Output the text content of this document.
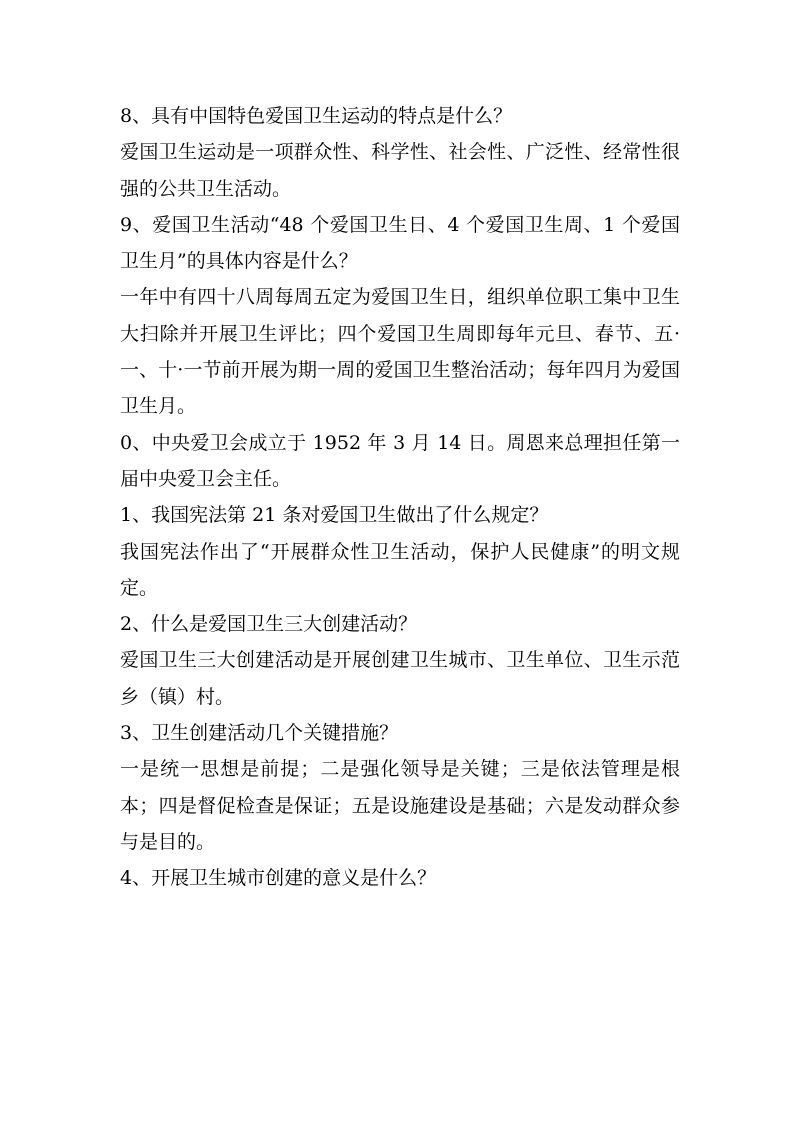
8、具有中国特色爱国卫生运动的特点是什么？

爱国卫生运动是一项群众性、科学性、社会性、广泛性、经常性很强的公共卫生活动。

9、爱国卫生活动“48 个爱国卫生日、4 个爱国卫生周、1 个爱国卫生月”的具体内容是什么？

一年中有四十八周每周五定为爱国卫生日，组织单位职工集中卫生大扫除并开展卫生评比；四个爱国卫生周即每年元旦、春节、五·一、十·一节前开展为期一周的爱国卫生整治活动；每年四月为爱国卫生月。

0、中央爱卫会成立于 1952 年 3 月 14 日。周恩来总理担任第一届中央爱卫会主任。

1、我国宪法第 21 条对爱国卫生做出了什么规定？

我国宪法作出了“开展群众性卫生活动，保护人民健康”的明文规定。

2、什么是爱国卫生三大创建活动？

爱国卫生三大创建活动是开展创建卫生城市、卫生单位、卫生示范乡（镇）村。

3、卫生创建活动几个关键措施？

一是统一思想是前提；二是强化领导是关键；三是依法管理是根本；四是督促检查是保证；五是设施建设是基础；六是发动群众参与是目的。

4、开展卫生城市创建的意义是什么？
